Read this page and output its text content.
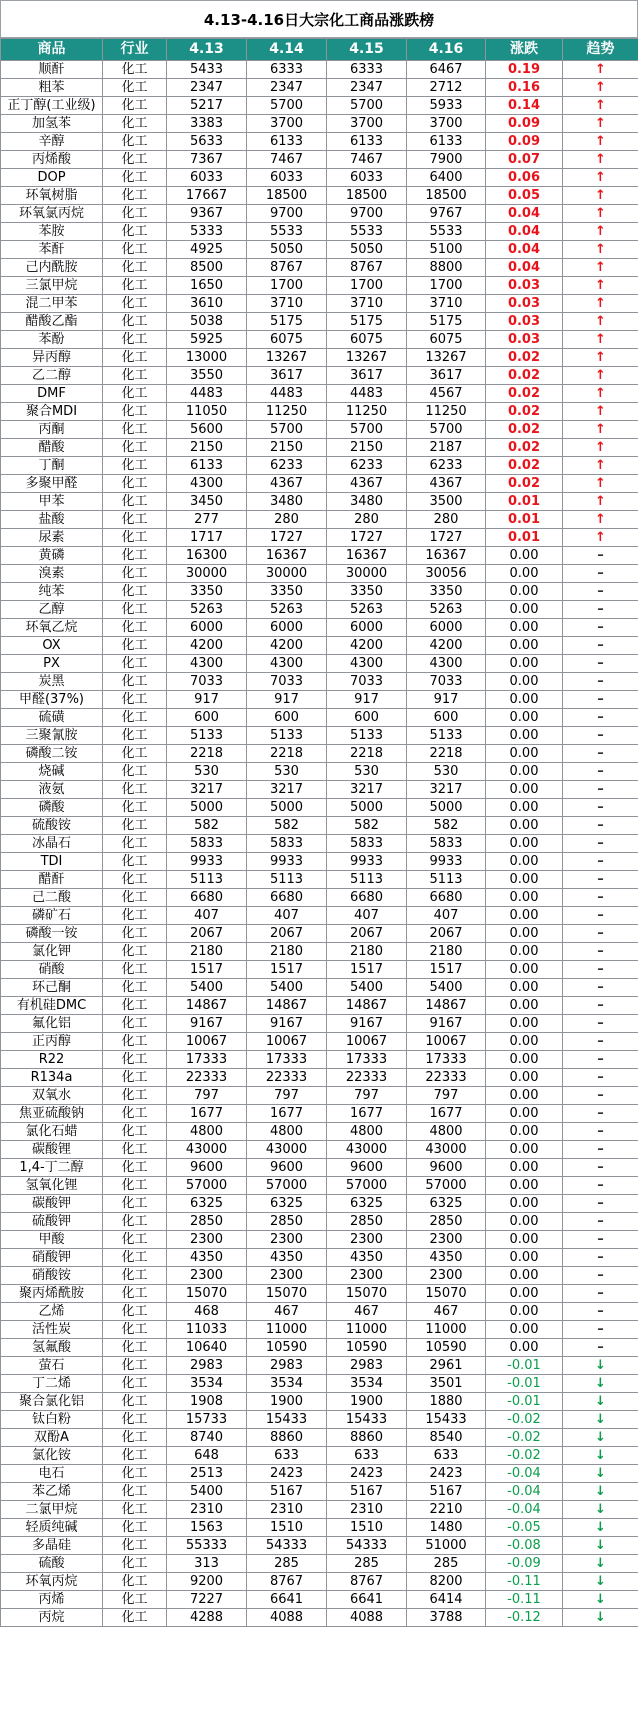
4.13-4.16日大宗化工商品涨跌榜
商品	行业	4.13	4.14	4.15	4.16	涨跌	趋势
顺酐	化工	5433	6333	6333	6467	0.19	↑
粗苯	化工	2347	2347	2347	2712	0.16	↑
正丁醇(工业级)	化工	5217	5700	5700	5933	0.14	↑
加氢苯	化工	3383	3700	3700	3700	0.09	↑
辛醇	化工	5633	6133	6133	6133	0.09	↑
丙烯酸	化工	7367	7467	7467	7900	0.07	↑
DOP	化工	6033	6033	6033	6400	0.06	↑
环氧树脂	化工	17667	18500	18500	18500	0.05	↑
环氧氯丙烷	化工	9367	9700	9700	9767	0.04	↑
苯胺	化工	5333	5533	5533	5533	0.04	↑
苯酐	化工	4925	5050	5050	5100	0.04	↑
己内酰胺	化工	8500	8767	8767	8800	0.04	↑
三氯甲烷	化工	1650	1700	1700	1700	0.03	↑
混二甲苯	化工	3610	3710	3710	3710	0.03	↑
醋酸乙酯	化工	5038	5175	5175	5175	0.03	↑
苯酚	化工	5925	6075	6075	6075	0.03	↑
异丙醇	化工	13000	13267	13267	13267	0.02	↑
乙二醇	化工	3550	3617	3617	3617	0.02	↑
DMF	化工	4483	4483	4483	4567	0.02	↑
聚合MDI	化工	11050	11250	11250	11250	0.02	↑
丙酮	化工	5600	5700	5700	5700	0.02	↑
醋酸	化工	2150	2150	2150	2187	0.02	↑
丁酮	化工	6133	6233	6233	6233	0.02	↑
多聚甲醛	化工	4300	4367	4367	4367	0.02	↑
甲苯	化工	3450	3480	3480	3500	0.01	↑
盐酸	化工	277	280	280	280	0.01	↑
尿素	化工	1717	1727	1727	1727	0.01	↑
黄磷	化工	16300	16367	16367	16367	0.00	–
溴素	化工	30000	30000	30000	30056	0.00	–
纯苯	化工	3350	3350	3350	3350	0.00	–
乙醇	化工	5263	5263	5263	5263	0.00	–
环氧乙烷	化工	6000	6000	6000	6000	0.00	–
OX	化工	4200	4200	4200	4200	0.00	–
PX	化工	4300	4300	4300	4300	0.00	–
炭黑	化工	7033	7033	7033	7033	0.00	–
甲醛(37%)	化工	917	917	917	917	0.00	–
硫磺	化工	600	600	600	600	0.00	–
三聚氰胺	化工	5133	5133	5133	5133	0.00	–
磷酸二铵	化工	2218	2218	2218	2218	0.00	–
烧碱	化工	530	530	530	530	0.00	–
液氨	化工	3217	3217	3217	3217	0.00	–
磷酸	化工	5000	5000	5000	5000	0.00	–
硫酸铵	化工	582	582	582	582	0.00	–
冰晶石	化工	5833	5833	5833	5833	0.00	–
TDI	化工	9933	9933	9933	9933	0.00	–
醋酐	化工	5113	5113	5113	5113	0.00	–
己二酸	化工	6680	6680	6680	6680	0.00	–
磷矿石	化工	407	407	407	407	0.00	–
磷酸一铵	化工	2067	2067	2067	2067	0.00	–
氯化钾	化工	2180	2180	2180	2180	0.00	–
硝酸	化工	1517	1517	1517	1517	0.00	–
环己酮	化工	5400	5400	5400	5400	0.00	–
有机硅DMC	化工	14867	14867	14867	14867	0.00	–
氟化铝	化工	9167	9167	9167	9167	0.00	–
正丙醇	化工	10067	10067	10067	10067	0.00	–
R22	化工	17333	17333	17333	17333	0.00	–
R134a	化工	22333	22333	22333	22333	0.00	–
双氧水	化工	797	797	797	797	0.00	–
焦亚硫酸钠	化工	1677	1677	1677	1677	0.00	–
氯化石蜡	化工	4800	4800	4800	4800	0.00	–
碳酸锂	化工	43000	43000	43000	43000	0.00	–
1,4-丁二醇	化工	9600	9600	9600	9600	0.00	–
氢氧化锂	化工	57000	57000	57000	57000	0.00	–
碳酸钾	化工	6325	6325	6325	6325	0.00	–
硫酸钾	化工	2850	2850	2850	2850	0.00	–
甲酸	化工	2300	2300	2300	2300	0.00	–
硝酸钾	化工	4350	4350	4350	4350	0.00	–
硝酸铵	化工	2300	2300	2300	2300	0.00	–
聚丙烯酰胺	化工	15070	15070	15070	15070	0.00	–
乙烯	化工	468	467	467	467	0.00	–
活性炭	化工	11033	11000	11000	11000	0.00	–
氢氟酸	化工	10640	10590	10590	10590	0.00	–
萤石	化工	2983	2983	2983	2961	-0.01	↓
丁二烯	化工	3534	3534	3534	3501	-0.01	↓
聚合氯化铝	化工	1908	1900	1900	1880	-0.01	↓
钛白粉	化工	15733	15433	15433	15433	-0.02	↓
双酚A	化工	8740	8860	8860	8540	-0.02	↓
氯化铵	化工	648	633	633	633	-0.02	↓
电石	化工	2513	2423	2423	2423	-0.04	↓
苯乙烯	化工	5400	5167	5167	5167	-0.04	↓
二氯甲烷	化工	2310	2310	2310	2210	-0.04	↓
轻质纯碱	化工	1563	1510	1510	1480	-0.05	↓
多晶硅	化工	55333	54333	54333	51000	-0.08	↓
硫酸	化工	313	285	285	285	-0.09	↓
环氧丙烷	化工	9200	8767	8767	8200	-0.11	↓
丙烯	化工	7227	6641	6641	6414	-0.11	↓
丙烷	化工	4288	4088	4088	3788	-0.12	↓
